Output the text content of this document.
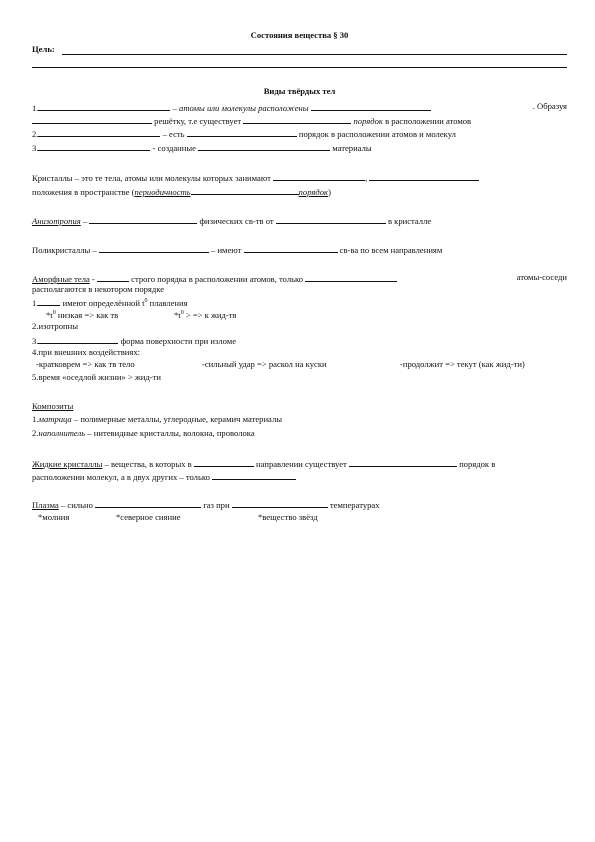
Состояния вещества § 30
Цель:
Виды твёрдых тел
1.	– атомы или молекулы расположены	. Образуя
решётку, т.е существует	порядок в расположении атомов
2.	– есть	порядок в расположении атомов и молекул
3.	- созданные	материалы
Кристаллы – это те тела, атомы или молекулы которых занимают	,
положения в пространстве (периодичность	порядок)
Анизотропия –	физических св-тв от	в кристалле
Поликристаллы –	– имеют	св-ва по всем направлениям
Аморфные тела -	строго порядка в расположении атомов, только	атомы-соседи
располагаются в некотором порядке
1.	имеют определённой $t^0$ плавления
$*t^0$ низкая => как тв	$*t^0$ > => к жид-тя
2.изотропны
3.	форма поверхности при изломе
4.при внешних воздействиях:
-кратковрем => как тв тело	-сильный удар => раскол на куски	-продолжит => текут (как жид-ти)
5.время «оседлой жизни» > жид-ти
Композиты
1.матрица – полимерные металлы, углеродные, керамич материалы
2.наполнитель – нитевидные кристаллы, волокна, проволока
Жидкие кристаллы – вещества, в которых в	направлении существует	порядок в
расположении молекул, а в двух других – только
Плазма – сильно	газ при	температурах
*молния	*северное сияние	*вещество звёзд
